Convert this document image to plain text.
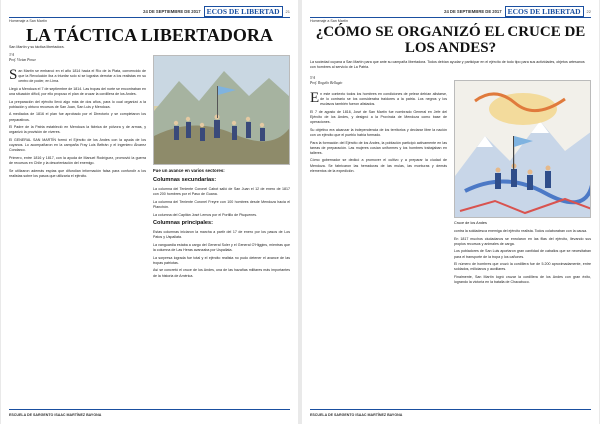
24 DE SEPTIEMBRE DE 2017 ECOS DE LIBERTAD	21
Homenaje a San Martín
LA TÁCTICA LIBERTADORA
San Martín y su táctica libertadora.
3ºA
Prof. Vivian Ponce
S an Martín se embarcó en el año 1814 hacia el Río de la Plata, convencido de que la Revolución iba a triunfar solo si se lograba derrotar a los realistas en su centro de poder, en Lima.

Llegó a Mendoza el 7 de septiembre de 1814. Las tropas del norte se encontraban en una situación difícil, por ello propuso el plan de cruzar la cordillera de los Andes.

La preparación del ejército llevó algo más de dos años, para lo cual organizó a la población y obtuvo recursos de San Juan, San Luis y Mendoza.

A mediados de 1816 el plan fue aprobado por el Directorio y se completaron los preparativos.

El Padre de la Patria estableció en Mendoza la fábrica de pólvora y de armas, y organizó la provisión de víveres.

El GENERAL SAN MARTÍN formó el Ejército de los Andes con la ayuda de los cuyanos. Lo acompañaron en la campaña Fray Luis Beltrán y el ingeniero Álvarez Condarco.

Primero, entre 1816 y 1817, con la ayuda de Manuel Rodríguez, promovió la guerra de recursos en Chile y la desorientación del enemigo.

Se utilizaron además espías que difundían información falsa para confundir a los realistas sobre los pasos que utilizaría el ejército.

Fue un avance en varios sectores:
Columnas secundarias:

La columna del Teniente Coronel Cabot salió de San Juan el 12 de enero de 1817 con 200 hombres por el Paso de Guana.

La columna del Teniente Coronel Freyre con 100 hombres desde Mendoza hacia el Planchón.

La columna del Capitán José Lemos por el Portillo de Piuquenes.

Columnas principales:

Estas columnas iniciaron la marcha a partir del 17 de enero por los pasos de Los Patos y Uspallata.

La vanguardia estaba a cargo del General Soler y el General O'Higgins, mientras que la columna de Las Heras avanzaba por Uspallata.

La sorpresa lograda fue total y el ejército realista no pudo detener el avance de las tropas patriotas.

Así se concretó el cruce de los Andes, una de las hazañas militares más importantes de la historia de América.

ESCUELA DE SARGENTO ISAAC MARTÍNEZ BAYONA
24 DE SEPTIEMBRE DE 2017 ECOS DE LIBERTAD	22
Homenaje a San Martín
¿CÓMO SE ORGANIZÓ EL CRUCE DE LOS ANDES?
La sociedad cuyana a San Martín para que ante su campaña libertadora. Todos debían ayudar y participar en el ejército de todo tipo para sus actividades, objetos artesanos con hombres al servicio de La Patria.
5ºA
Prof. Rogelio Bellagio
E n este contexto todos los hombres en condiciones de pelear debían alistarse, de lo contrario se los consideraba traidores a la patria. Los negros y los esclavos también fueron alistados.

El 7 de agosto de 1816, José de San Martín fue nombrado General en Jefe del Ejército de los Andes, y designó a la Provincia de Mendoza como base de operaciones.

Su objetivo era alcanzar la independencia de los territorios y declarar libre la nación con un ejército que el pueblo había formado.

Para la formación del Ejército de los Andes, la población participó activamente en las tareas de preparación. Las mujeres cosían uniformes y los hombres trabajaban en talleres.

Cómo gobernador se dedicó a promover el cultivo y a preparar la ciudad de Mendoza. Se fabricaron las herraduras de las mulas, las monturas y demás elementos de la expedición.

Cruce de los Andes

contra la soldadesca enemiga del ejército realista. Todos colaboraban con la causa.

En 1817 muchos ciudadanos se enrolaron en las filas del ejército, llevando sus propios recursos y animales de carga.

Los pobladores de San Luis aportaron gran cantidad de caballos que se necesitaban para el transporte de la tropa y los cañones.

El número de hombres que cruzó la cordillera fue de 5.200 aproximadamente, entre soldados, milicianos y auxiliares.

Finalmente, San Martín logró cruzar la cordillera de los Andes con gran éxito, logrando la victoria en la batalla de Chacabuco.

ESCUELA DE SARGENTO ISAAC MARTÍNEZ BAYONA
